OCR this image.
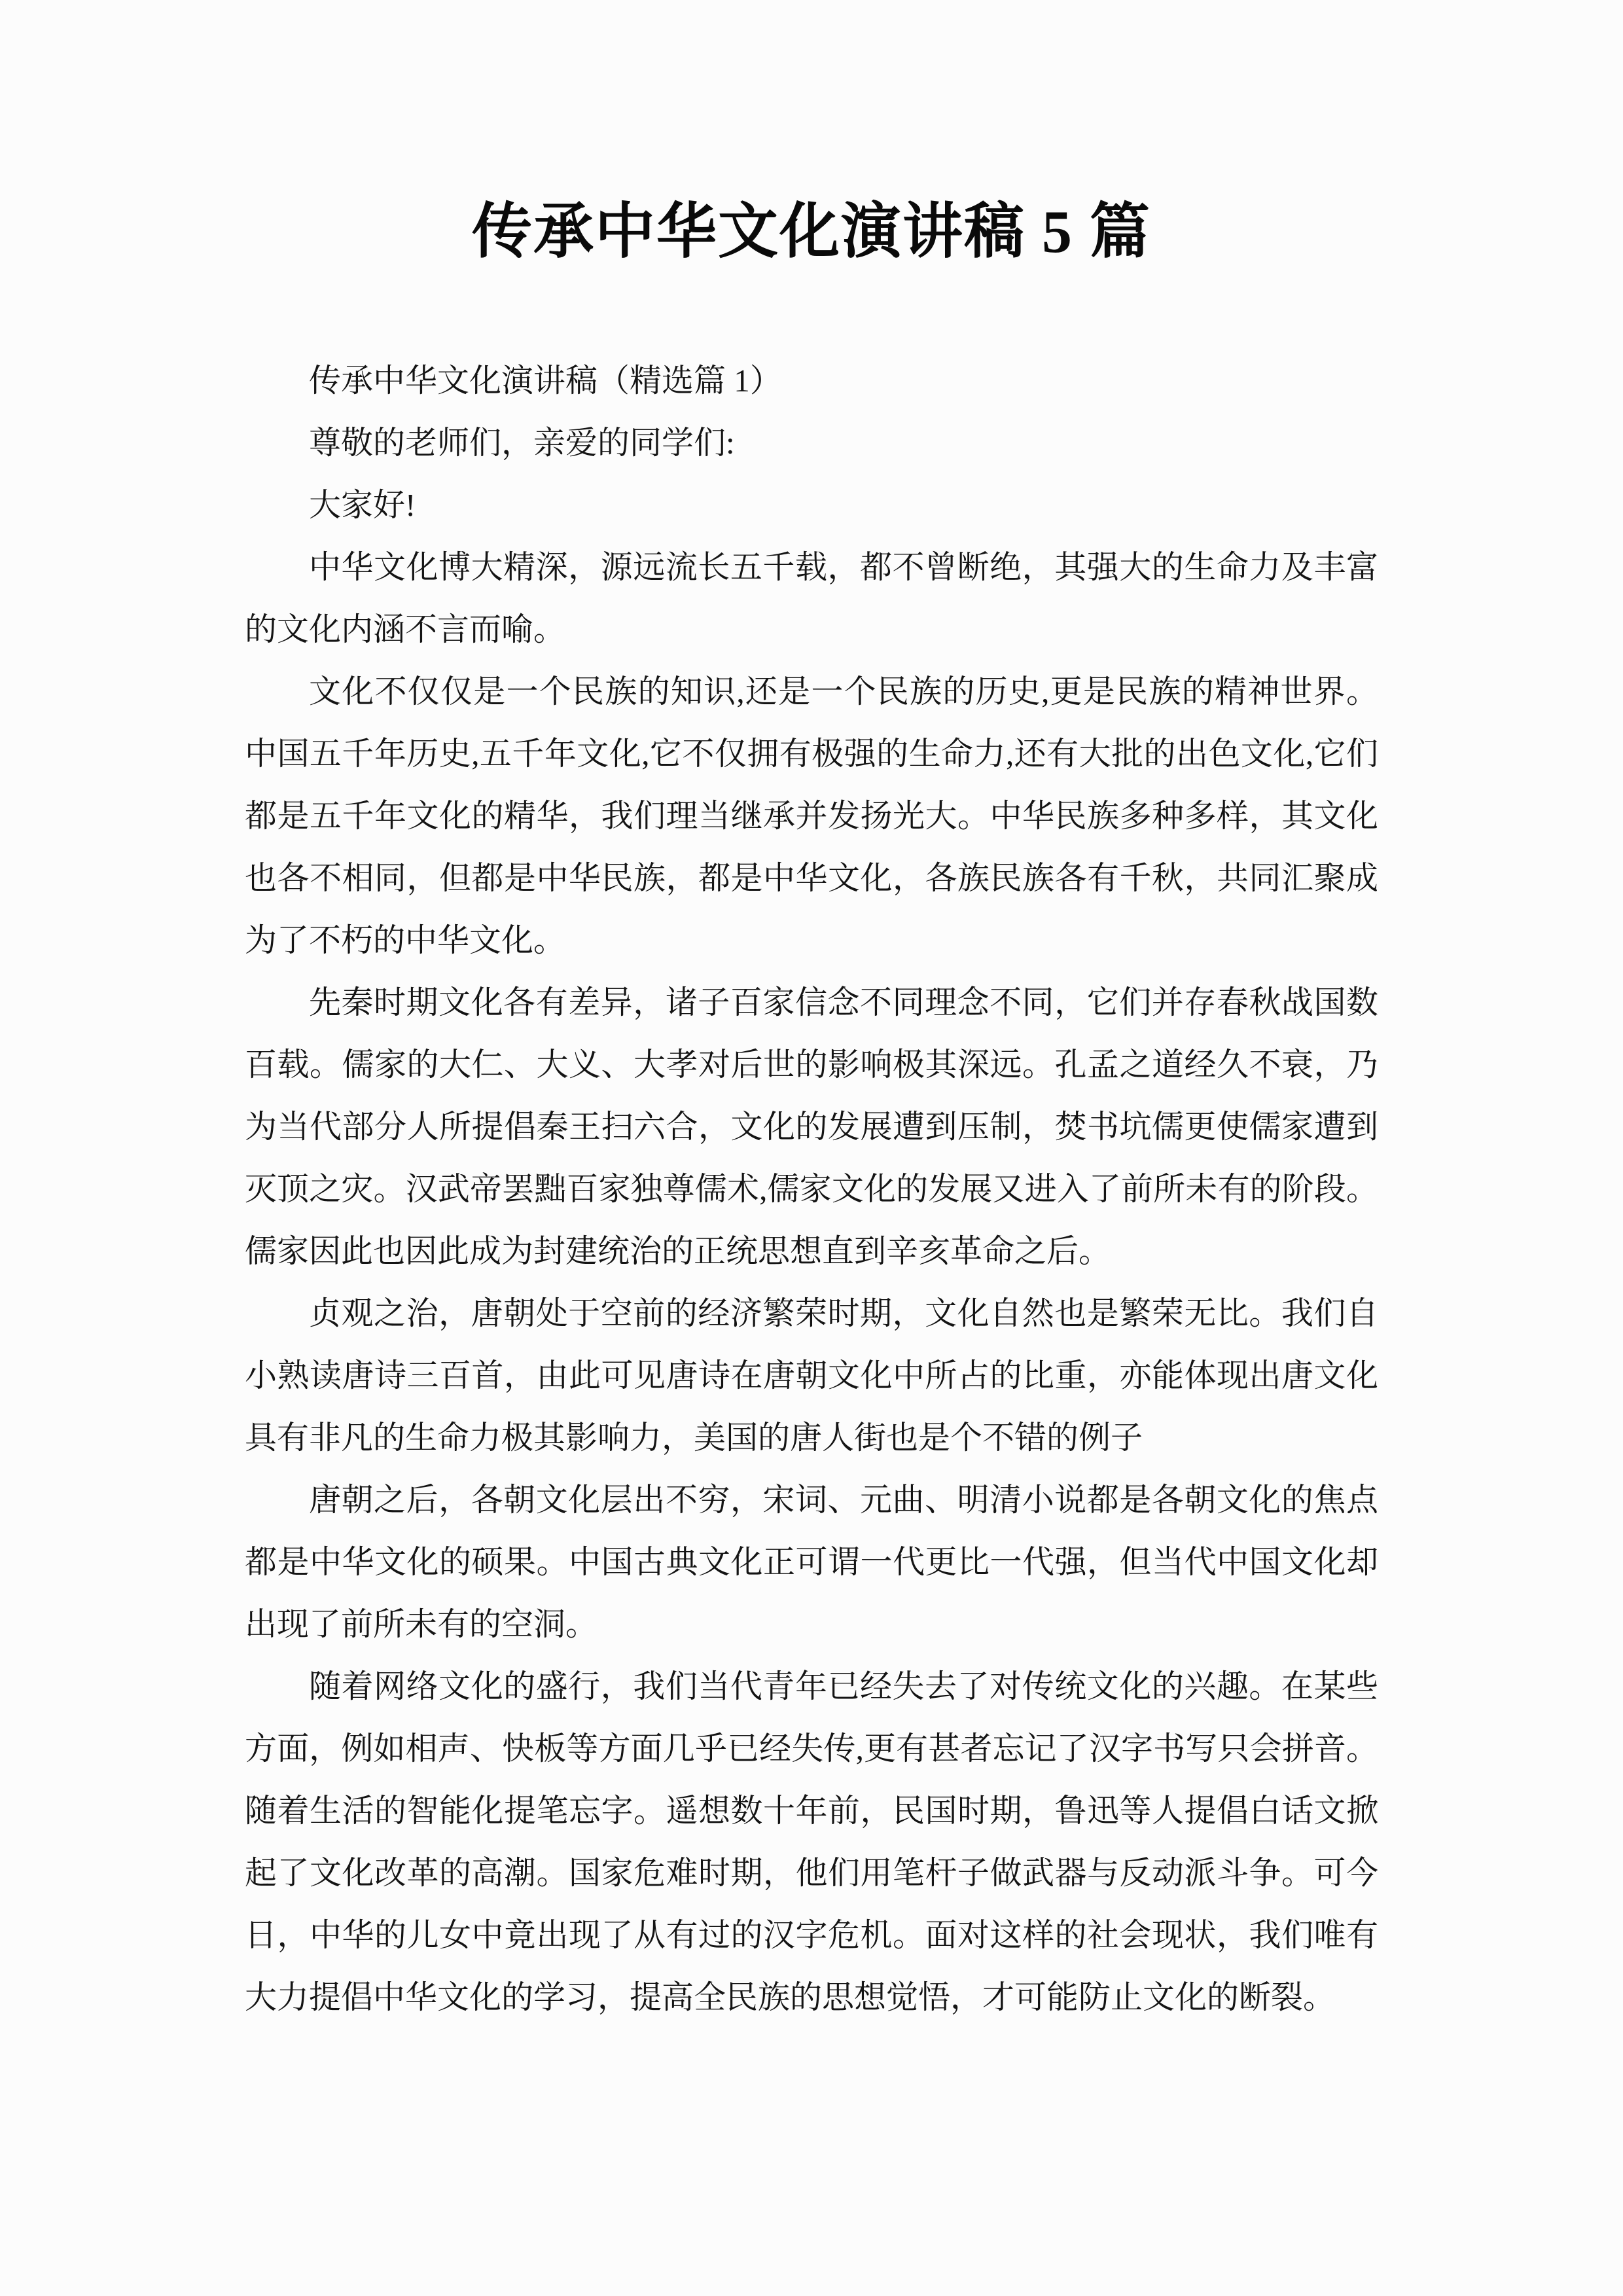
传承中华文化演讲稿 5 篇

传承中华文化演讲稿（精选篇 1）

尊敬的老师们，亲爱的同学们:

大家好!

中华文化博大精深，源远流长五千载，都不曾断绝，其强大的生命力及丰富的文化内涵不言而喻。

文化不仅仅是一个民族的知识,还是一个民族的历史,更是民族的精神世界。中国五千年历史,五千年文化,它不仅拥有极强的生命力,还有大批的出色文化,它们都是五千年文化的精华，我们理当继承并发扬光大。中华民族多种多样，其文化也各不相同，但都是中华民族，都是中华文化，各族民族各有千秋，共同汇聚成为了不朽的中华文化。

先秦时期文化各有差异，诸子百家信念不同理念不同，它们并存春秋战国数百载。儒家的大仁、大义、大孝对后世的影响极其深远。孔孟之道经久不衰，乃为当代部分人所提倡秦王扫六合，文化的发展遭到压制，焚书坑儒更使儒家遭到灭顶之灾。汉武帝罢黜百家独尊儒术,儒家文化的发展又进入了前所未有的阶段。儒家因此也因此成为封建统治的正统思想直到辛亥革命之后。

贞观之治，唐朝处于空前的经济繁荣时期，文化自然也是繁荣无比。我们自小熟读唐诗三百首，由此可见唐诗在唐朝文化中所占的比重，亦能体现出唐文化具有非凡的生命力极其影响力，美国的唐人街也是个不错的例子

唐朝之后，各朝文化层出不穷，宋词、元曲、明清小说都是各朝文化的焦点都是中华文化的硕果。中国古典文化正可谓一代更比一代强，但当代中国文化却出现了前所未有的空洞。

随着网络文化的盛行，我们当代青年已经失去了对传统文化的兴趣。在某些方面，例如相声、快板等方面几乎已经失传,更有甚者忘记了汉字书写只会拼音。随着生活的智能化提笔忘字。遥想数十年前，民国时期，鲁迅等人提倡白话文掀起了文化改革的高潮。国家危难时期，他们用笔杆子做武器与反动派斗争。可今日，中华的儿女中竟出现了从有过的汉字危机。面对这样的社会现状，我们唯有大力提倡中华文化的学习，提高全民族的思想觉悟，才可能防止文化的断裂。
